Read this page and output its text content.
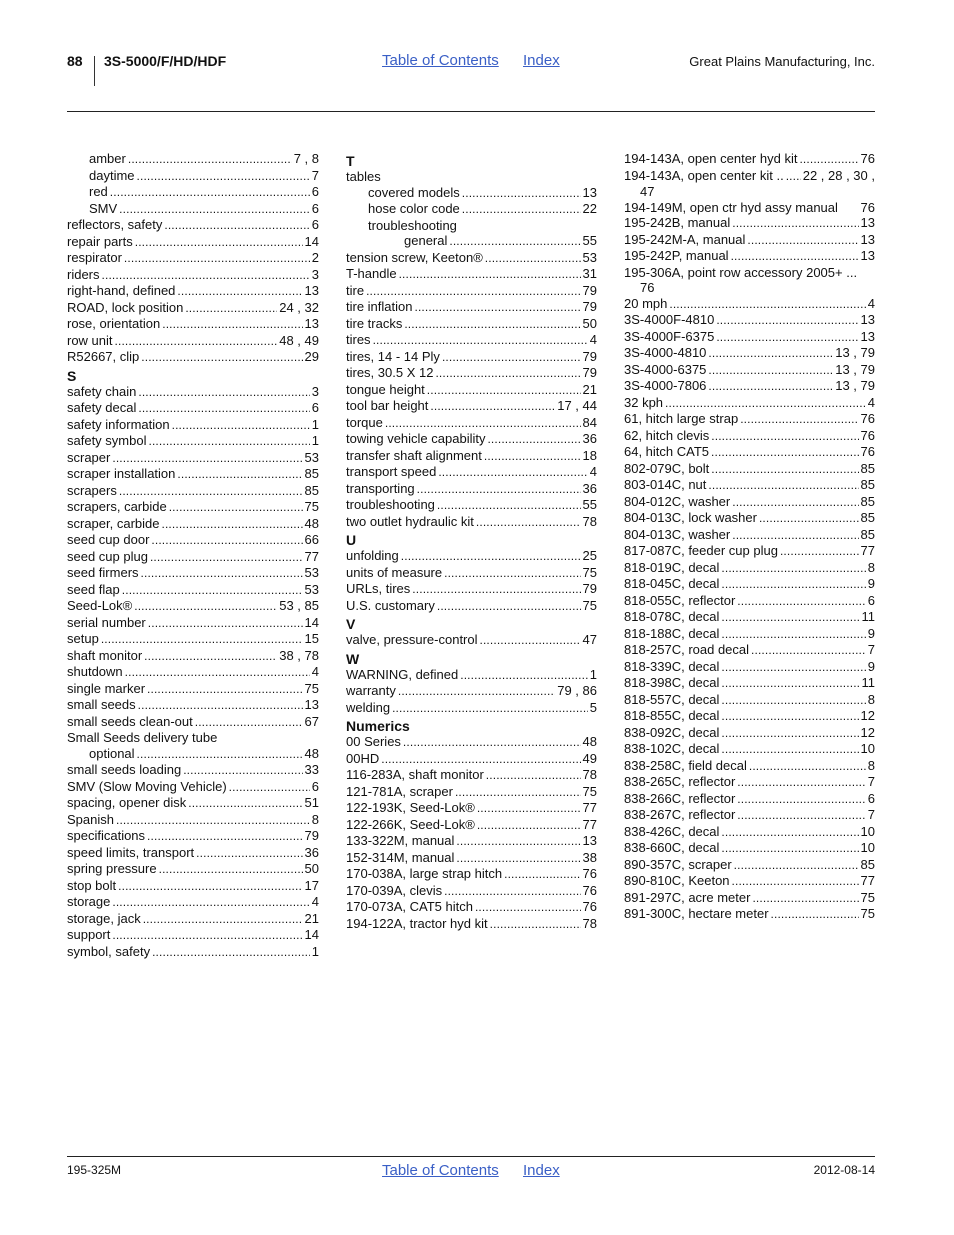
88 3S-5000/F/HD/HDF	Table of Contents Index	Great Plains Manufacturing, Inc.
amber . . .	7 , 8
daytime . . .	7
red . . .	6
SMV . . .	6
reflectors, safety . . .	6
repair parts . . .	14
respirator . . .	2
riders . . .	3
right-hand, defined . . .	13
ROAD, lock position . . .	24 , 32
rose, orientation . . .	13
row unit . . .	48 , 49
R52667, clip . . .	29
S
safety chain . . .	3
safety decal . . .	6
safety information . . .	1
safety symbol . . .	1
scraper . . .	53
scraper installation . . .	85
scrapers . . .	85
scrapers, carbide . . .	75
scraper, carbide . . .	48
seed cup door . . .	66
seed cup plug . . .	77
seed firmers . . .	53
seed flap . . .	53
Seed-Lok® . . .	53 , 85
serial number . . .	14
setup . . .	15
shaft monitor . . .	38 , 78
shutdown . . .	4
single marker . . .	75
small seeds . . .	13
small seeds clean-out . . .	67
Small Seeds delivery tube
optional . . .	48
small seeds loading . . .	33
SMV (Slow Moving Vehicle) . . .	6
spacing, opener disk . . .	51
Spanish . . .	8
specifications . . .	79
speed limits, transport . . .	36
spring pressure . . .	50
stop bolt . . .	17
storage . . .	4
storage, jack . . .	21
support . . .	14
symbol, safety . . .	1
T
tables
covered models . . .	13
hose color code . . .	22
troubleshooting
general . . .	55
tension screw, Keeton® . . .	53
T-handle . . .	31
tire . . .	79
tire inflation . . .	79
tire tracks . . .	50
tires . . .	4
tires, 14 - 14 Ply . . .	79
tires, 30.5 X 12 . . .	79
tongue height . . .	21
tool bar height . . .	17 , 44
torque . . .	84
towing vehicle capability . . .	36
transfer shaft alignment . . .	18
transport speed . . .	4
transporting . . .	36
troubleshooting . . .	55
two outlet hydraulic kit . . .	78
U
unfolding . . .	25
units of measure . . .	75
URLs, tires . . .	79
U.S. customary . . .	75
V
valve, pressure-control . . .	47
W
WARNING, defined . . .	1
warranty . . .	79 , 86
welding . . .	5
Numerics
00 Series . . .	48
00HD . . .	49
116-283A, shaft monitor . . .	78
121-781A, scraper . . .	75
122-193K, Seed-Lok® . . .	77
122-266K, Seed-Lok® . . .	77
133-322M, manual . . .	13
152-314M, manual . . .	38
170-038A, large strap hitch . . .	76
170-039A, clevis . . .	76
170-073A, CAT5 hitch . . .	76
194-122A, tractor hyd kit . . .	78
194-143A, open center hyd kit . . .	76
194-143A, open center kit .. . . . 22 , 28 , 30 ,
47
194-149M, open ctr hyd assy manual 76
195-242B, manual . . .	13
195-242M-A, manual . . .	13
195-242P, manual . . .	13
195-306A, point row accessory 2005+ ...
76
20 mph . . .	4
3S-4000F-4810 . . .	13
3S-4000F-6375 . . .	13
3S-4000-4810 . . .	13 , 79
3S-4000-6375 . . .	13 , 79
3S-4000-7806 . . .	13 , 79
32 kph . . .	4
61, hitch large strap . . .	76
62, hitch clevis . . .	76
64, hitch CAT5 . . .	76
802-079C, bolt . . .	85
803-014C, nut . . .	85
804-012C, washer . . .	85
804-013C, lock washer . . .	85
804-013C, washer . . .	85
817-087C, feeder cup plug . . .	77
818-019C, decal . . .	8
818-045C, decal . . .	9
818-055C, reflector . . .	6
818-078C, decal . . .	11
818-188C, decal . . .	9
818-257C, road decal . . .	7
818-339C, decal . . .	9
818-398C, decal . . .	11
818-557C, decal . . .	8
818-855C, decal . . .	12
838-092C, decal . . .	12
838-102C, decal . . .	10
838-258C, field decal . . .	8
838-265C, reflector . . .	7
838-266C, reflector . . .	6
838-267C, reflector . . .	7
838-426C, decal . . .	10
838-660C, decal . . .	10
890-357C, scraper . . .	85
890-810C, Keeton . . .	77
891-297C, acre meter . . .	75
891-300C, hectare meter . . .	75
195-325M	Table of Contents Index	2012-08-14
